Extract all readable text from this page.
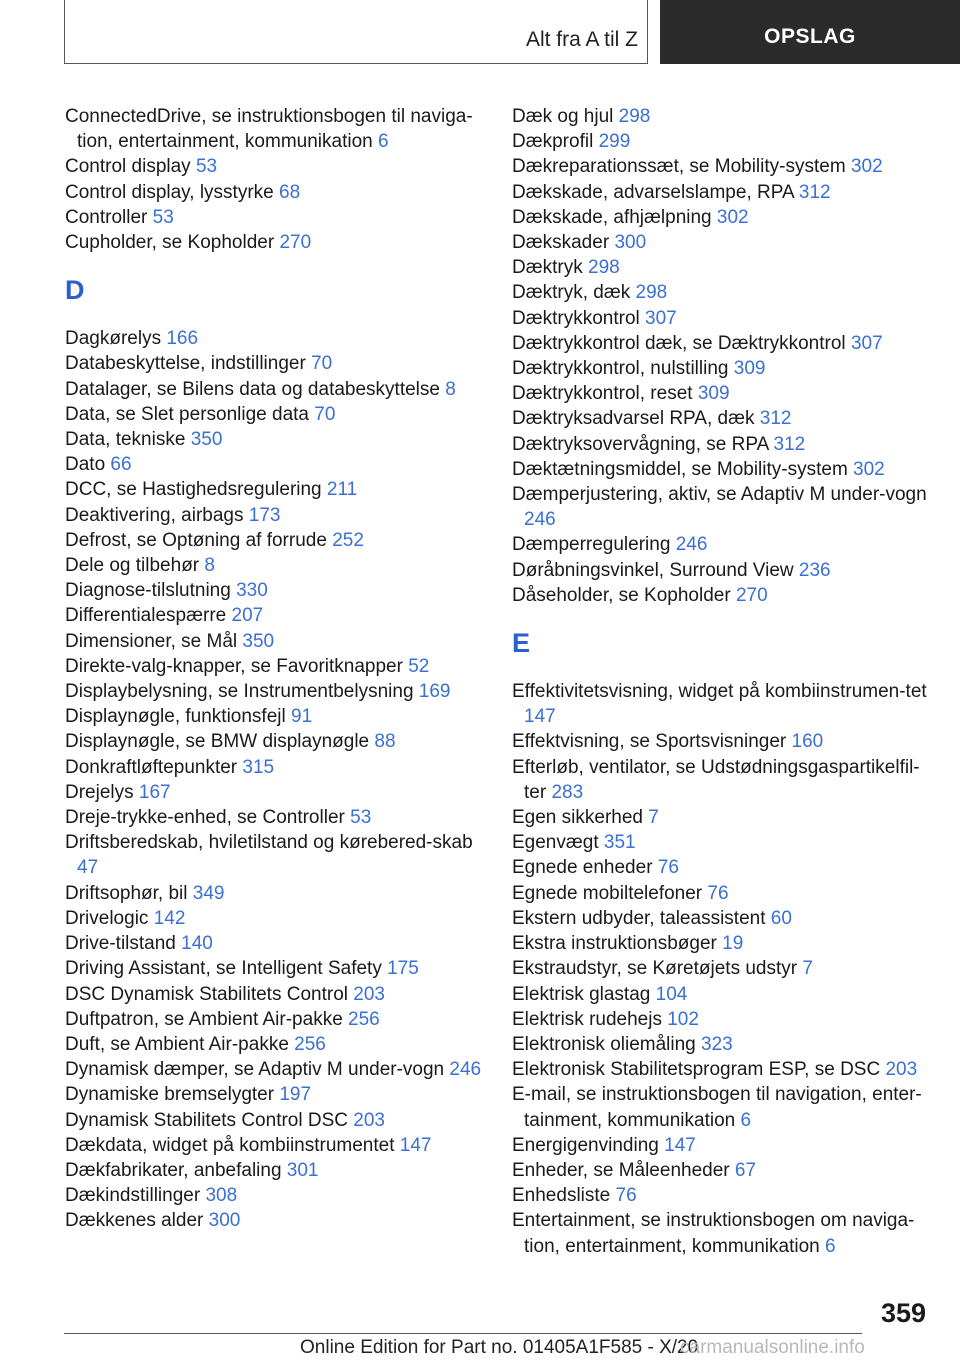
Alt fra A til Z	OPSLAG
ConnectedDrive, se instruktionsbogen til naviga-tion, entertainment, kommunikation 6
Control display 53
Control display, lysstyrke 68
Controller 53
Cupholder, se Kopholder 270
D
Dagkørelys 166
Databeskyttelse, indstillinger 70
Datalager, se Bilens data og databeskyttelse 8
Data, se Slet personlige data 70
Data, tekniske 350
Dato 66
DCC, se Hastighedsregulering 211
Deaktivering, airbags 173
Defrost, se Optøning af forrude 252
Dele og tilbehør 8
Diagnose-tilslutning 330
Differentialespærre 207
Dimensioner, se Mål 350
Direkte-valg-knapper, se Favoritknapper 52
Displaybelysning, se Instrumentbelysning 169
Displaynøgle, funktionsfejl 91
Displaynøgle, se BMW displaynøgle 88
Donkraftløftepunkter 315
Drejelys 167
Dreje-trykke-enhed, se Controller 53
Driftsberedskab, hviletilstand og kørebered-skab 47
Driftsophør, bil 349
Drivelogic 142
Drive-tilstand 140
Driving Assistant, se Intelligent Safety 175
DSC Dynamisk Stabilitets Control 203
Duftpatron, se Ambient Air-pakke 256
Duft, se Ambient Air-pakke 256
Dynamisk dæmper, se Adaptiv M under-vogn 246
Dynamiske bremselygter 197
Dynamisk Stabilitets Control DSC 203
Dækdata, widget på kombiinstrumentet 147
Dækfabrikater, anbefaling 301
Dækindstillinger 308
Dækkenes alder 300
Dæk og hjul 298
Dækprofil 299
Dækreparationssæt, se Mobility-system 302
Dækskade, advarselslampe, RPA 312
Dækskade, afhjælpning 302
Dækskader 300
Dæktryk 298
Dæktryk, dæk 298
Dæktrykkontrol 307
Dæktrykkontrol dæk, se Dæktrykkontrol 307
Dæktrykkontrol, nulstilling 309
Dæktrykkontrol, reset 309
Dæktryksadvarsel RPA, dæk 312
Dæktryksovervågning, se RPA 312
Dæktætningsmiddel, se Mobility-system 302
Dæmperjustering, aktiv, se Adaptiv M under-vogn 246
Dæmperregulering 246
Døråbningsvinkel, Surround View 236
Dåseholder, se Kopholder 270
E
Effektivitetsvisning, widget på kombiinstrumen-tet 147
Effektvisning, se Sportsvisninger 160
Efterløb, ventilator, se Udstødningsgaspartikelfil-ter 283
Egen sikkerhed 7
Egenvægt 351
Egnede enheder 76
Egnede mobiltelefoner 76
Ekstern udbyder, taleassistent 60
Ekstra instruktionsbøger 19
Ekstraudstyr, se Køretøjets udstyr 7
Elektrisk glastag 104
Elektrisk rudehejs 102
Elektronisk oliemåling 323
Elektronisk Stabilitetsprogram ESP, se DSC 203
E-mail, se instruktionsbogen til navigation, enter-tainment, kommunikation 6
Energigenvinding 147
Enheder, se Måleenheder 67
Enhedsliste 76
Entertainment, se instruktionsbogen om naviga-tion, entertainment, kommunikation 6
359
Online Edition for Part no. 01405A1F585 - X/20
carmanualsonline.info
